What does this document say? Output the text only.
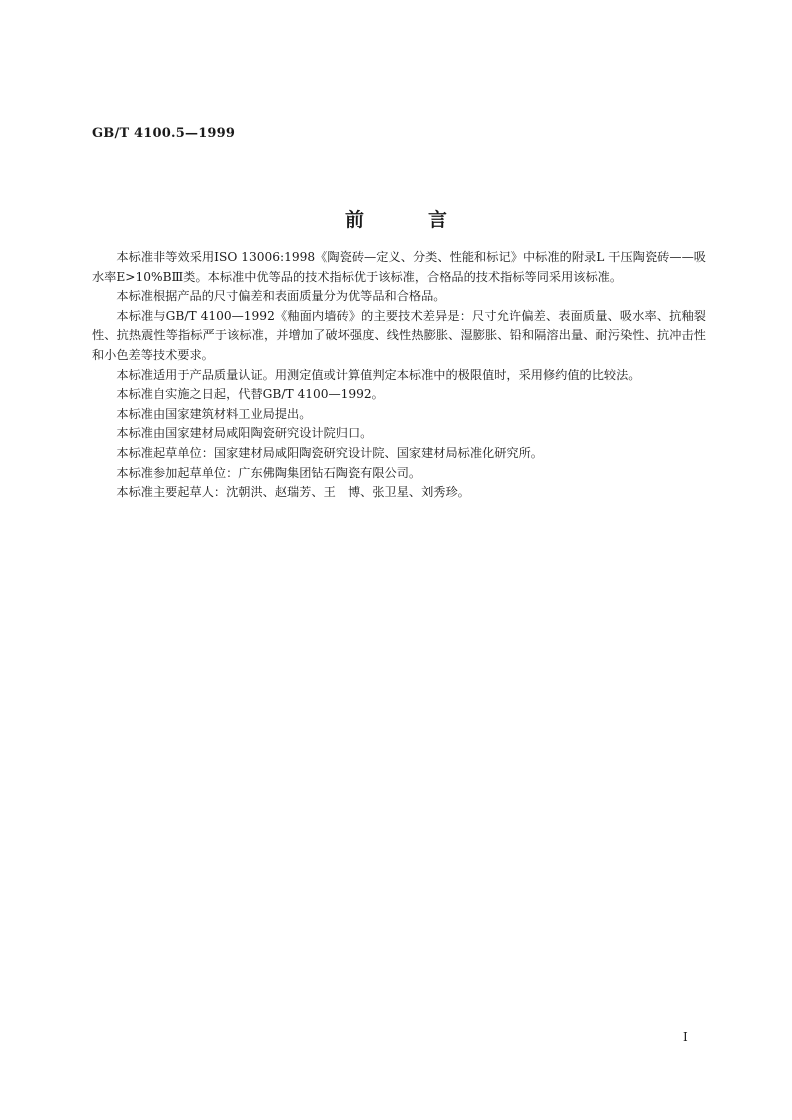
GB/T 4100.5—1999
前	言

本标准非等效采用ISO 13006:1998《陶瓷砖—定义、分类、性能和标记》中标准的附录L 干压陶瓷砖——吸水率E>10%BⅢ类。本标准中优等品的技术指标优于该标准，合格品的技术指标等同采用该标准。

本标准根据产品的尺寸偏差和表面质量分为优等品和合格品。

本标准与GB/T 4100—1992《釉面内墙砖》的主要技术差异是：尺寸允许偏差、表面质量、吸水率、抗釉裂性、抗热震性等指标严于该标准，并增加了破坏强度、线性热膨胀、湿膨胀、铅和隔溶出量、耐污染性、抗冲击性和小色差等技术要求。

本标准适用于产品质量认证。用测定值或计算值判定本标准中的极限值时，采用修约值的比较法。

本标准自实施之日起，代替GB/T 4100—1992。

本标准由国家建筑材料工业局提出。

本标准由国家建材局咸阳陶瓷研究设计院归口。

本标准起草单位：国家建材局咸阳陶瓷研究设计院、国家建材局标准化研究所。

本标准参加起草单位：广东佛陶集团钻石陶瓷有限公司。

本标准主要起草人：沈朝洪、赵瑞芳、王　博、张卫星、刘秀珍。

I
